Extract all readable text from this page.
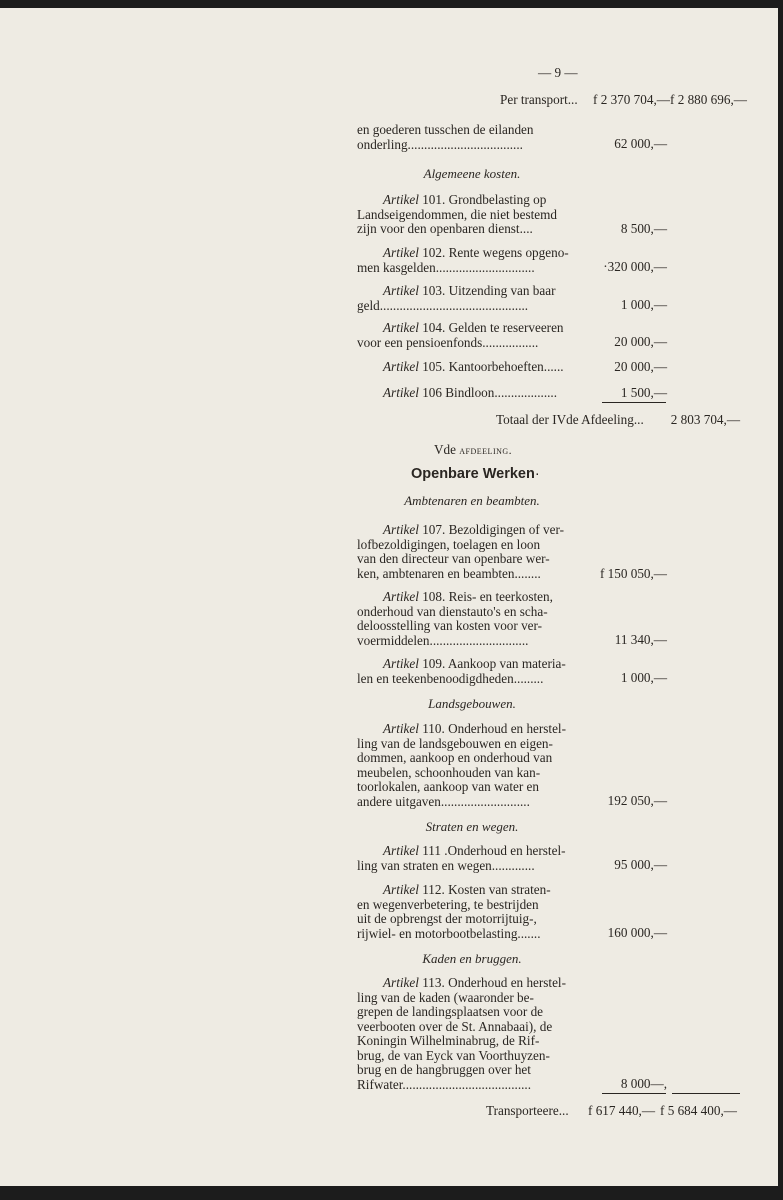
— 9 —
Per transport... f 2 370 704,— f 2 880 696,—
en goederen tusschen de eilanden
onderling...................................	62 000,—
Algemeene kosten.
Artikel 101. Grondbelasting op
Landseigendommen, die niet bestemd
zijn voor den openbaren dienst....	8 500,—
Artikel 102. Rente wegens opgeno-
men kasgelden..............................	·320 000,—
Artikel 103. Uitzending van baar
geld.............................................	1 000,—
Artikel 104. Gelden te reserveeren
voor een pensioenfonds.................	20 000,—
Artikel 105. Kantoorbehoeften......	20 000,—
Artikel 106 Bindloon...................	1 500,—
Totaal der IVde Afdeeling... 2 803 704,—
Vde afdeeling.
Openbare Werken·
Ambtenaren en beambten.
Artikel 107. Bezoldigingen of ver-
lofbezoldigingen, toelagen en loon
van den directeur van openbare wer-
ken, ambtenaren en beambten........	f 150 050,—
Artikel 108. Reis- en teerkosten,
onderhoud van dienstauto's en scha-
deloosstelling van kosten voor ver-
voermiddelen..............................	11 340,—
Artikel 109. Aankoop van materia-
len en teekenbenoodigdheden.........	1 000,—
Landsgebouwen.
Artikel 110. Onderhoud en herstel-
ling van de landsgebouwen en eigen-
dommen, aankoop en onderhoud van
meubelen, schoonhouden van kan-
toorlokalen, aankoop van water en
andere uitgaven...........................	192 050,—
Straten en wegen.
Artikel 111 .Onderhoud en herstel-
ling van straten en wegen.............	95 000,—
Artikel 112. Kosten van straten-
en wegenverbetering, te bestrijden
uit de opbrengst der motorrijtuig-,
rijwiel- en motorbootbelasting.......	160 000,—
Kaden en bruggen.
Artikel 113. Onderhoud en herstel-
ling van de kaden (waaronder be-
grepen de landingsplaatsen voor de
veerbooten over de St. Annabaai), de
Koningin Wilhelminabrug, de Rif-
brug, de van Eyck van Voorthuyzen-
brug en de hangbruggen over het
Rifwater.......................................	8 000—,
Transporteere... f 617 440,— f 5 684 400,—
